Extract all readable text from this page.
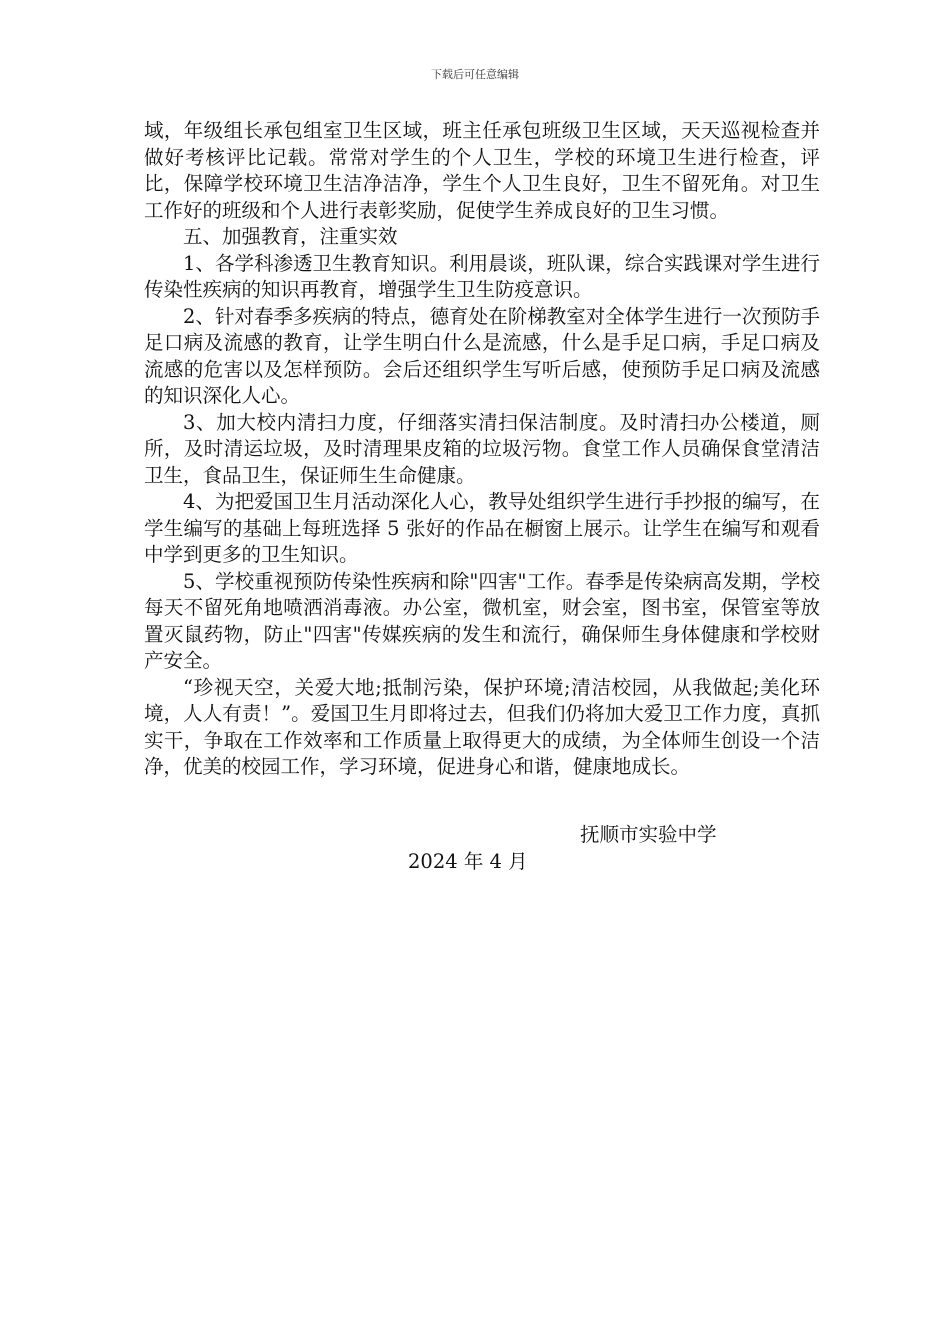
下载后可任意编辑

域，年级组长承包组室卫生区域，班主任承包班级卫生区域，天天巡视检查并做好考核评比记载。常常对学生的个人卫生，学校的环境卫生进行检查，评比，保障学校环境卫生洁净洁净，学生个人卫生良好，卫生不留死角。对卫生工作好的班级和个人进行表彰奖励，促使学生养成良好的卫生习惯。

五、加强教育，注重实效

1、各学科渗透卫生教育知识。利用晨谈，班队课，综合实践课对学生进行传染性疾病的知识再教育，增强学生卫生防疫意识。

2、针对春季多疾病的特点，德育处在阶梯教室对全体学生进行一次预防手足口病及流感的教育，让学生明白什么是流感，什么是手足口病，手足口病及流感的危害以及怎样预防。会后还组织学生写听后感，使预防手足口病及流感的知识深化人心。

3、加大校内清扫力度，仔细落实清扫保洁制度。及时清扫办公楼道，厕所，及时清运垃圾，及时清理果皮箱的垃圾污物。食堂工作人员确保食堂清洁卫生，食品卫生，保证师生生命健康。

4、为把爱国卫生月活动深化人心，教导处组织学生进行手抄报的编写，在学生编写的基础上每班选择 5 张好的作品在橱窗上展示。让学生在编写和观看中学到更多的卫生知识。

5、学校重视预防传染性疾病和除"四害"工作。春季是传染病高发期，学校每天不留死角地喷洒消毒液。办公室，微机室，财会室，图书室，保管室等放置灭鼠药物，防止"四害"传媒疾病的发生和流行，确保师生身体健康和学校财产安全。

“珍视天空，关爱大地;抵制污染，保护环境;清洁校园，从我做起;美化环境，人人有责！”。爱国卫生月即将过去，但我们仍将加大爱卫工作力度，真抓实干，争取在工作效率和工作质量上取得更大的成绩，为全体师生创设一个洁净，优美的校园工作，学习环境，促进身心和谐，健康地成长。

抚顺市实验中学
2024 年 4 月
